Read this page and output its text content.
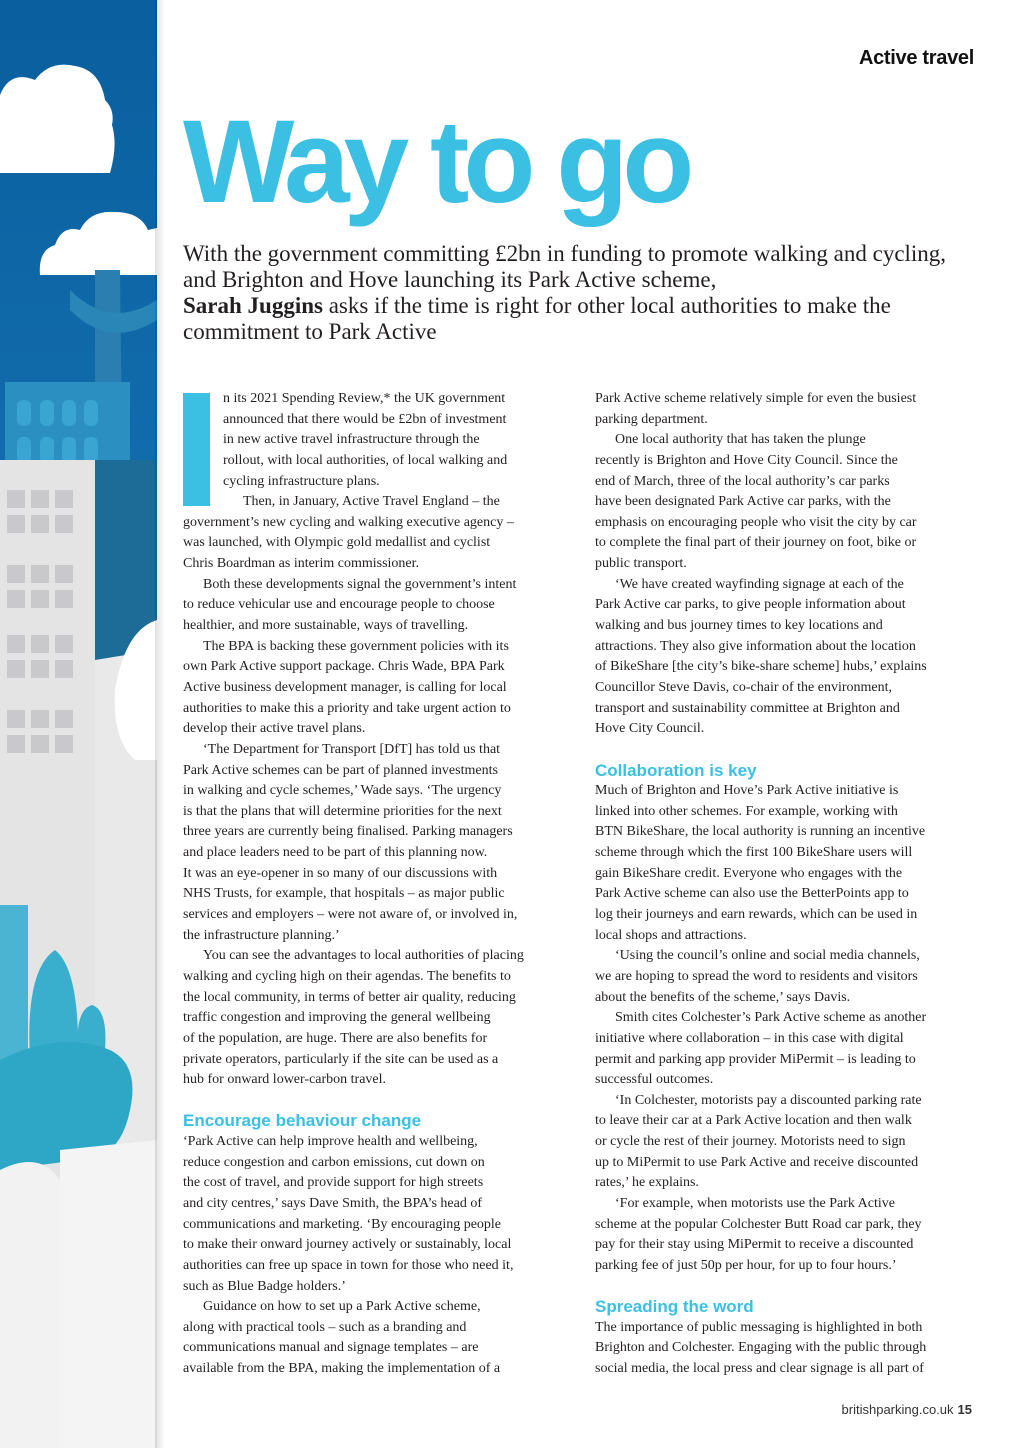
Active travel
Way to go
With the government committing £2bn in funding to promote walking and cycling, and Brighton and Hove launching its Park Active scheme,
Sarah Juggins asks if the time is right for other local authorities to make the commitment to Park Active
n its 2021 Spending Review,* the UK government
announced that there would be £2bn of investment
in new active travel infrastructure through the
rollout, with local authorities, of local walking and
cycling infrastructure plans.
Then, in January, Active Travel England – the
government’s new cycling and walking executive agency –
was launched, with Olympic gold medallist and cyclist
Chris Boardman as interim commissioner.
Both these developments signal the government’s intent
to reduce vehicular use and encourage people to choose
healthier, and more sustainable, ways of travelling.
The BPA is backing these government policies with its
own Park Active support package. Chris Wade, BPA Park
Active business development manager, is calling for local
authorities to make this a priority and take urgent action to
develop their active travel plans.
‘The Department for Transport [DfT] has told us that
Park Active schemes can be part of planned investments
in walking and cycle schemes,’ Wade says. ‘The urgency
is that the plans that will determine priorities for the next
three years are currently being finalised. Parking managers
and place leaders need to be part of this planning now.
It was an eye-opener in so many of our discussions with
NHS Trusts, for example, that hospitals – as major public
services and employers – were not aware of, or involved in,
the infrastructure planning.’
You can see the advantages to local authorities of placing
walking and cycling high on their agendas. The benefits to
the local community, in terms of better air quality, reducing
traffic congestion and improving the general wellbeing
of the population, are huge. There are also benefits for
private operators, particularly if the site can be used as a
hub for onward lower-carbon travel.
Encourage behaviour change
‘Park Active can help improve health and wellbeing,
reduce congestion and carbon emissions, cut down on
the cost of travel, and provide support for high streets
and city centres,’ says Dave Smith, the BPA’s head of
communications and marketing. ‘By encouraging people
to make their onward journey actively or sustainably, local
authorities can free up space in town for those who need it,
such as Blue Badge holders.’
Guidance on how to set up a Park Active scheme,
along with practical tools – such as a branding and
communications manual and signage templates – are
available from the BPA, making the implementation of a
Park Active scheme relatively simple for even the busiest
parking department.
One local authority that has taken the plunge
recently is Brighton and Hove City Council. Since the
end of March, three of the local authority’s car parks
have been designated Park Active car parks, with the
emphasis on encouraging people who visit the city by car
to complete the final part of their journey on foot, bike or
public transport.
‘We have created wayfinding signage at each of the
Park Active car parks, to give people information about
walking and bus journey times to key locations and
attractions. They also give information about the location
of BikeShare [the city’s bike-share scheme] hubs,’ explains
Councillor Steve Davis, co-chair of the environment,
transport and sustainability committee at Brighton and
Hove City Council.
Collaboration is key
Much of Brighton and Hove’s Park Active initiative is
linked into other schemes. For example, working with
BTN BikeShare, the local authority is running an incentive
scheme through which the first 100 BikeShare users will
gain BikeShare credit. Everyone who engages with the
Park Active scheme can also use the BetterPoints app to
log their journeys and earn rewards, which can be used in
local shops and attractions.
‘Using the council’s online and social media channels,
we are hoping to spread the word to residents and visitors
about the benefits of the scheme,’ says Davis.
Smith cites Colchester’s Park Active scheme as another
initiative where collaboration – in this case with digital
permit and parking app provider MiPermit – is leading to
successful outcomes.
‘In Colchester, motorists pay a discounted parking rate
to leave their car at a Park Active location and then walk
or cycle the rest of their journey. Motorists need to sign
up to MiPermit to use Park Active and receive discounted
rates,’ he explains.
‘For example, when motorists use the Park Active
scheme at the popular Colchester Butt Road car park, they
pay for their stay using MiPermit to receive a discounted
parking fee of just 50p per hour, for up to four hours.’
Spreading the word
The importance of public messaging is highlighted in both
Brighton and Colchester. Engaging with the public through
social media, the local press and clear signage is all part of
britishparking.co.uk 15
